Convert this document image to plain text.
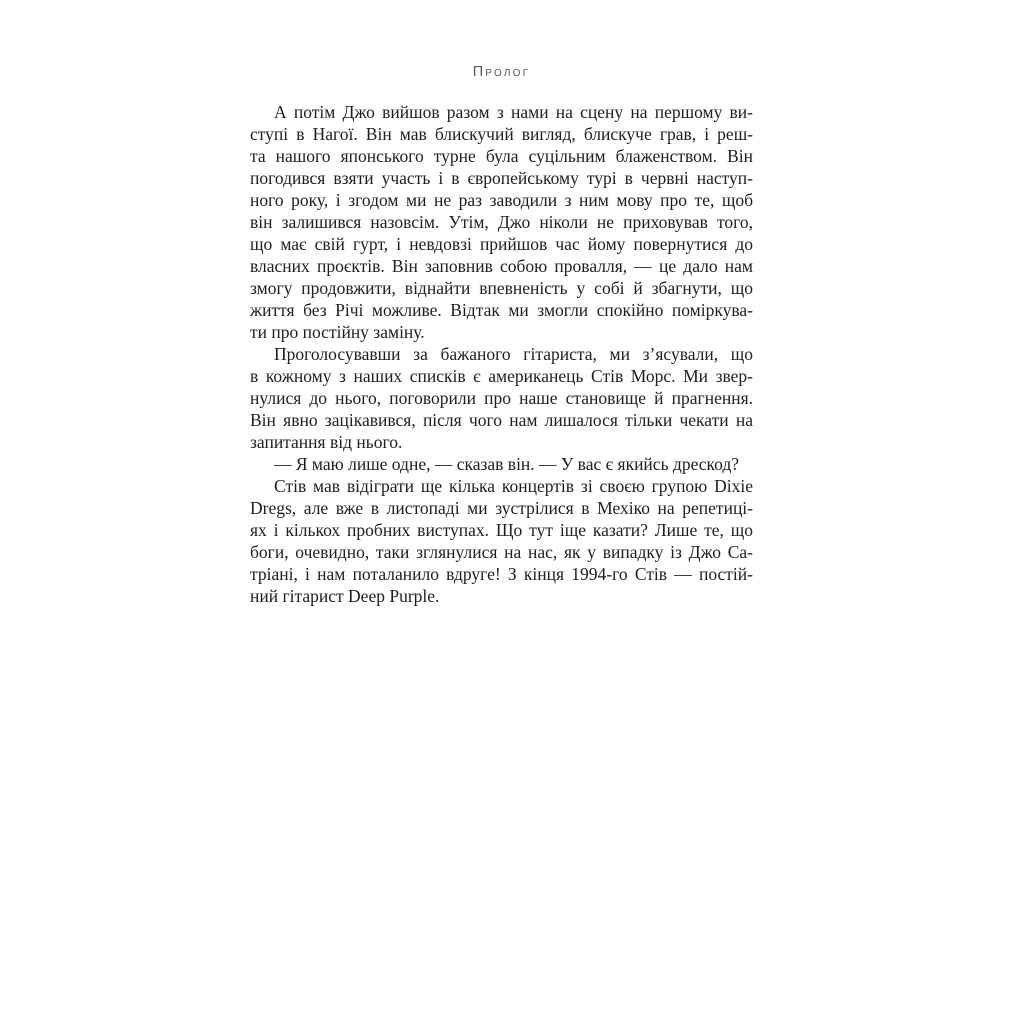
Пролог
А потім Джо вийшов разом з нами на сцену на першому ви-
ступі в Нагої. Він мав блискучий вигляд, блискуче грав, і реш-
та нашого японського турне була суцільним блаженством. Він
погодився взяти участь і в європейському турі в червні наступ-
ного року, і згодом ми не раз заводили з ним мову про те, щоб
він залишився назовсім. Утім, Джо ніколи не приховував того,
що має свій гурт, і невдовзі прийшов час йому повернутися до
власних проєктів. Він заповнив собою провалля, — це дало нам
змогу продовжити, віднайти впевненість у собі й збагнути, що
життя без Річі можливе. Відтак ми змогли спокійно поміркува-
ти про постійну заміну.
Проголосувавши за бажаного гітариста, ми з’ясували, що
в кожному з наших списків є американець Стів Морс. Ми звер-
нулися до нього, поговорили про наше становище й прагнення.
Він явно зацікавився, після чого нам лишалося тільки чекати на
запитання від нього.
— Я маю лише одне, — сказав він. — У вас є якийсь дрескод?
Стів мав відіграти ще кілька концертів зі своєю групою Dixie
Dregs, але вже в листопаді ми зустрілися в Мехіко на репетиці-
ях і кількох пробних виступах. Що тут іще казати? Лише те, що
боги, очевидно, таки зглянулися на нас, як у випадку із Джо Са-
тріані, і нам поталанило вдруге! З кінця 1994-го Стів — постій-
ний гітарист Deep Purple.
